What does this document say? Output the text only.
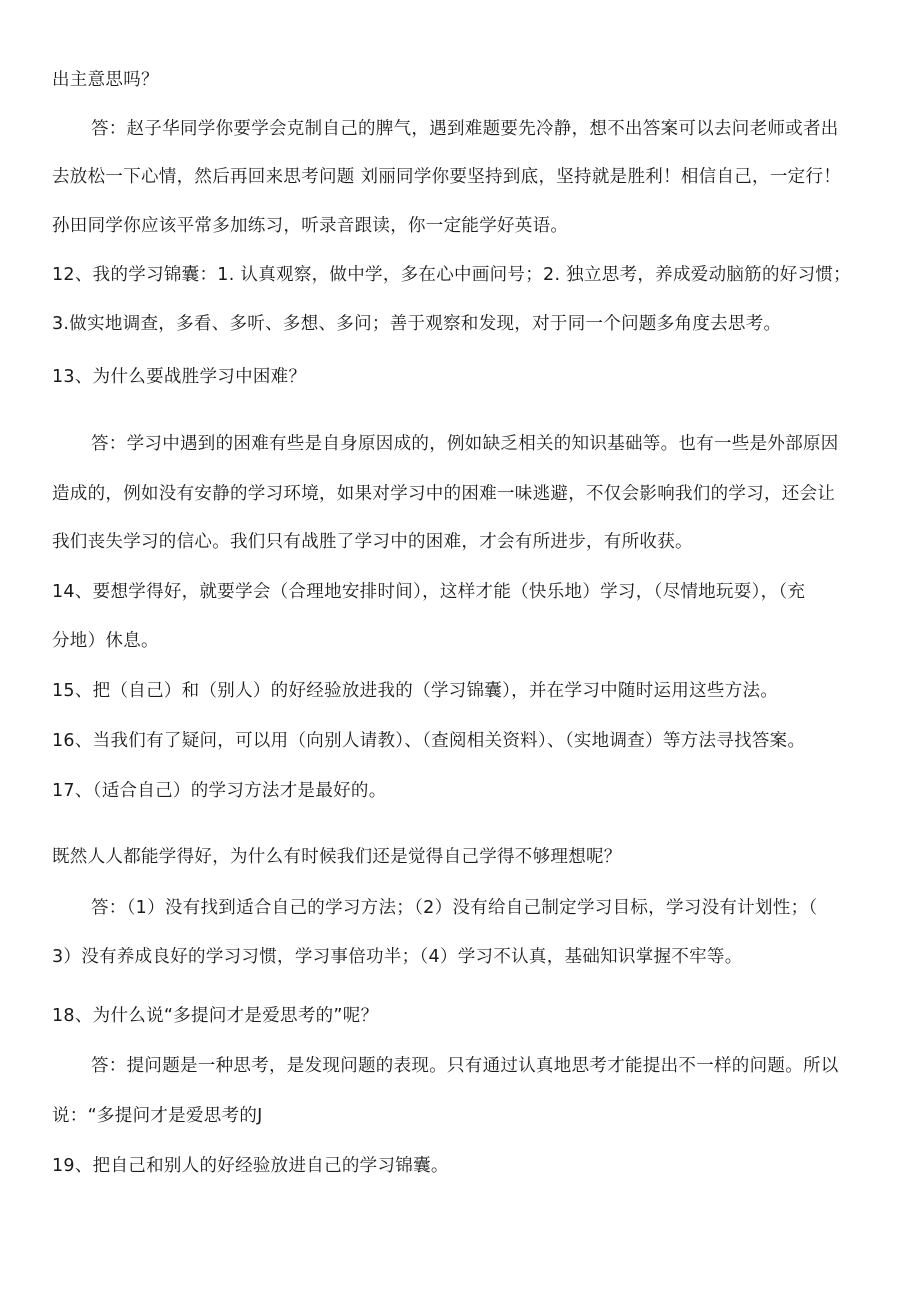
出主意思吗？
答：赵子华同学你要学会克制自己的脾气，遇到难题要先冷静，想不出答案可以去问老师或者出
去放松一下心情，然后再回来思考问题 刘丽同学你要坚持到底，坚持就是胜利！相信自己，一定行！
孙田同学你应该平常多加练习，听录音跟读，你一定能学好英语。
12、我的学习锦囊：1. 认真观察，做中学，多在心中画问号；2. 独立思考，养成爱动脑筋的好习惯；
3.做实地调查，多看、多听、多想、多问；善于观察和发现，对于同一个问题多角度去思考。
13、为什么要战胜学习中困难？
答：学习中遇到的困难有些是自身原因成的，例如缺乏相关的知识基础等。也有一些是外部原因
造成的，例如没有安静的学习环境，如果对学习中的困难一味逃避，不仅会影响我们的学习，还会让
我们丧失学习的信心。我们只有战胜了学习中的困难，才会有所进步，有所收获。
14、要想学得好，就要学会（合理地安排时间），这样才能（快乐地）学习，（尽情地玩耍），（充
分地）休息。
15、把（自己）和（别人）的好经验放进我的（学习锦囊），并在学习中随时运用这些方法。
16、当我们有了疑问，可以用（向别人请教）、（查阅相关资料）、（实地调查）等方法寻找答案。
17、（适合自己）的学习方法才是最好的。
既然人人都能学得好，为什么有时候我们还是觉得自己学得不够理想呢？
答：（1）没有找到适合自己的学习方法；（2）没有给自己制定学习目标，学习没有计划性；（
3）没有养成良好的学习习惯，学习事倍功半；（4）学习不认真，基础知识掌握不牢等。
18、为什么说“多提问才是爱思考的”呢？
答：提问题是一种思考，是发现问题的表现。只有通过认真地思考才能提出不一样的问题。所以
说：“多提问才是爱思考的J
19、把自己和别人的好经验放进自己的学习锦囊。
